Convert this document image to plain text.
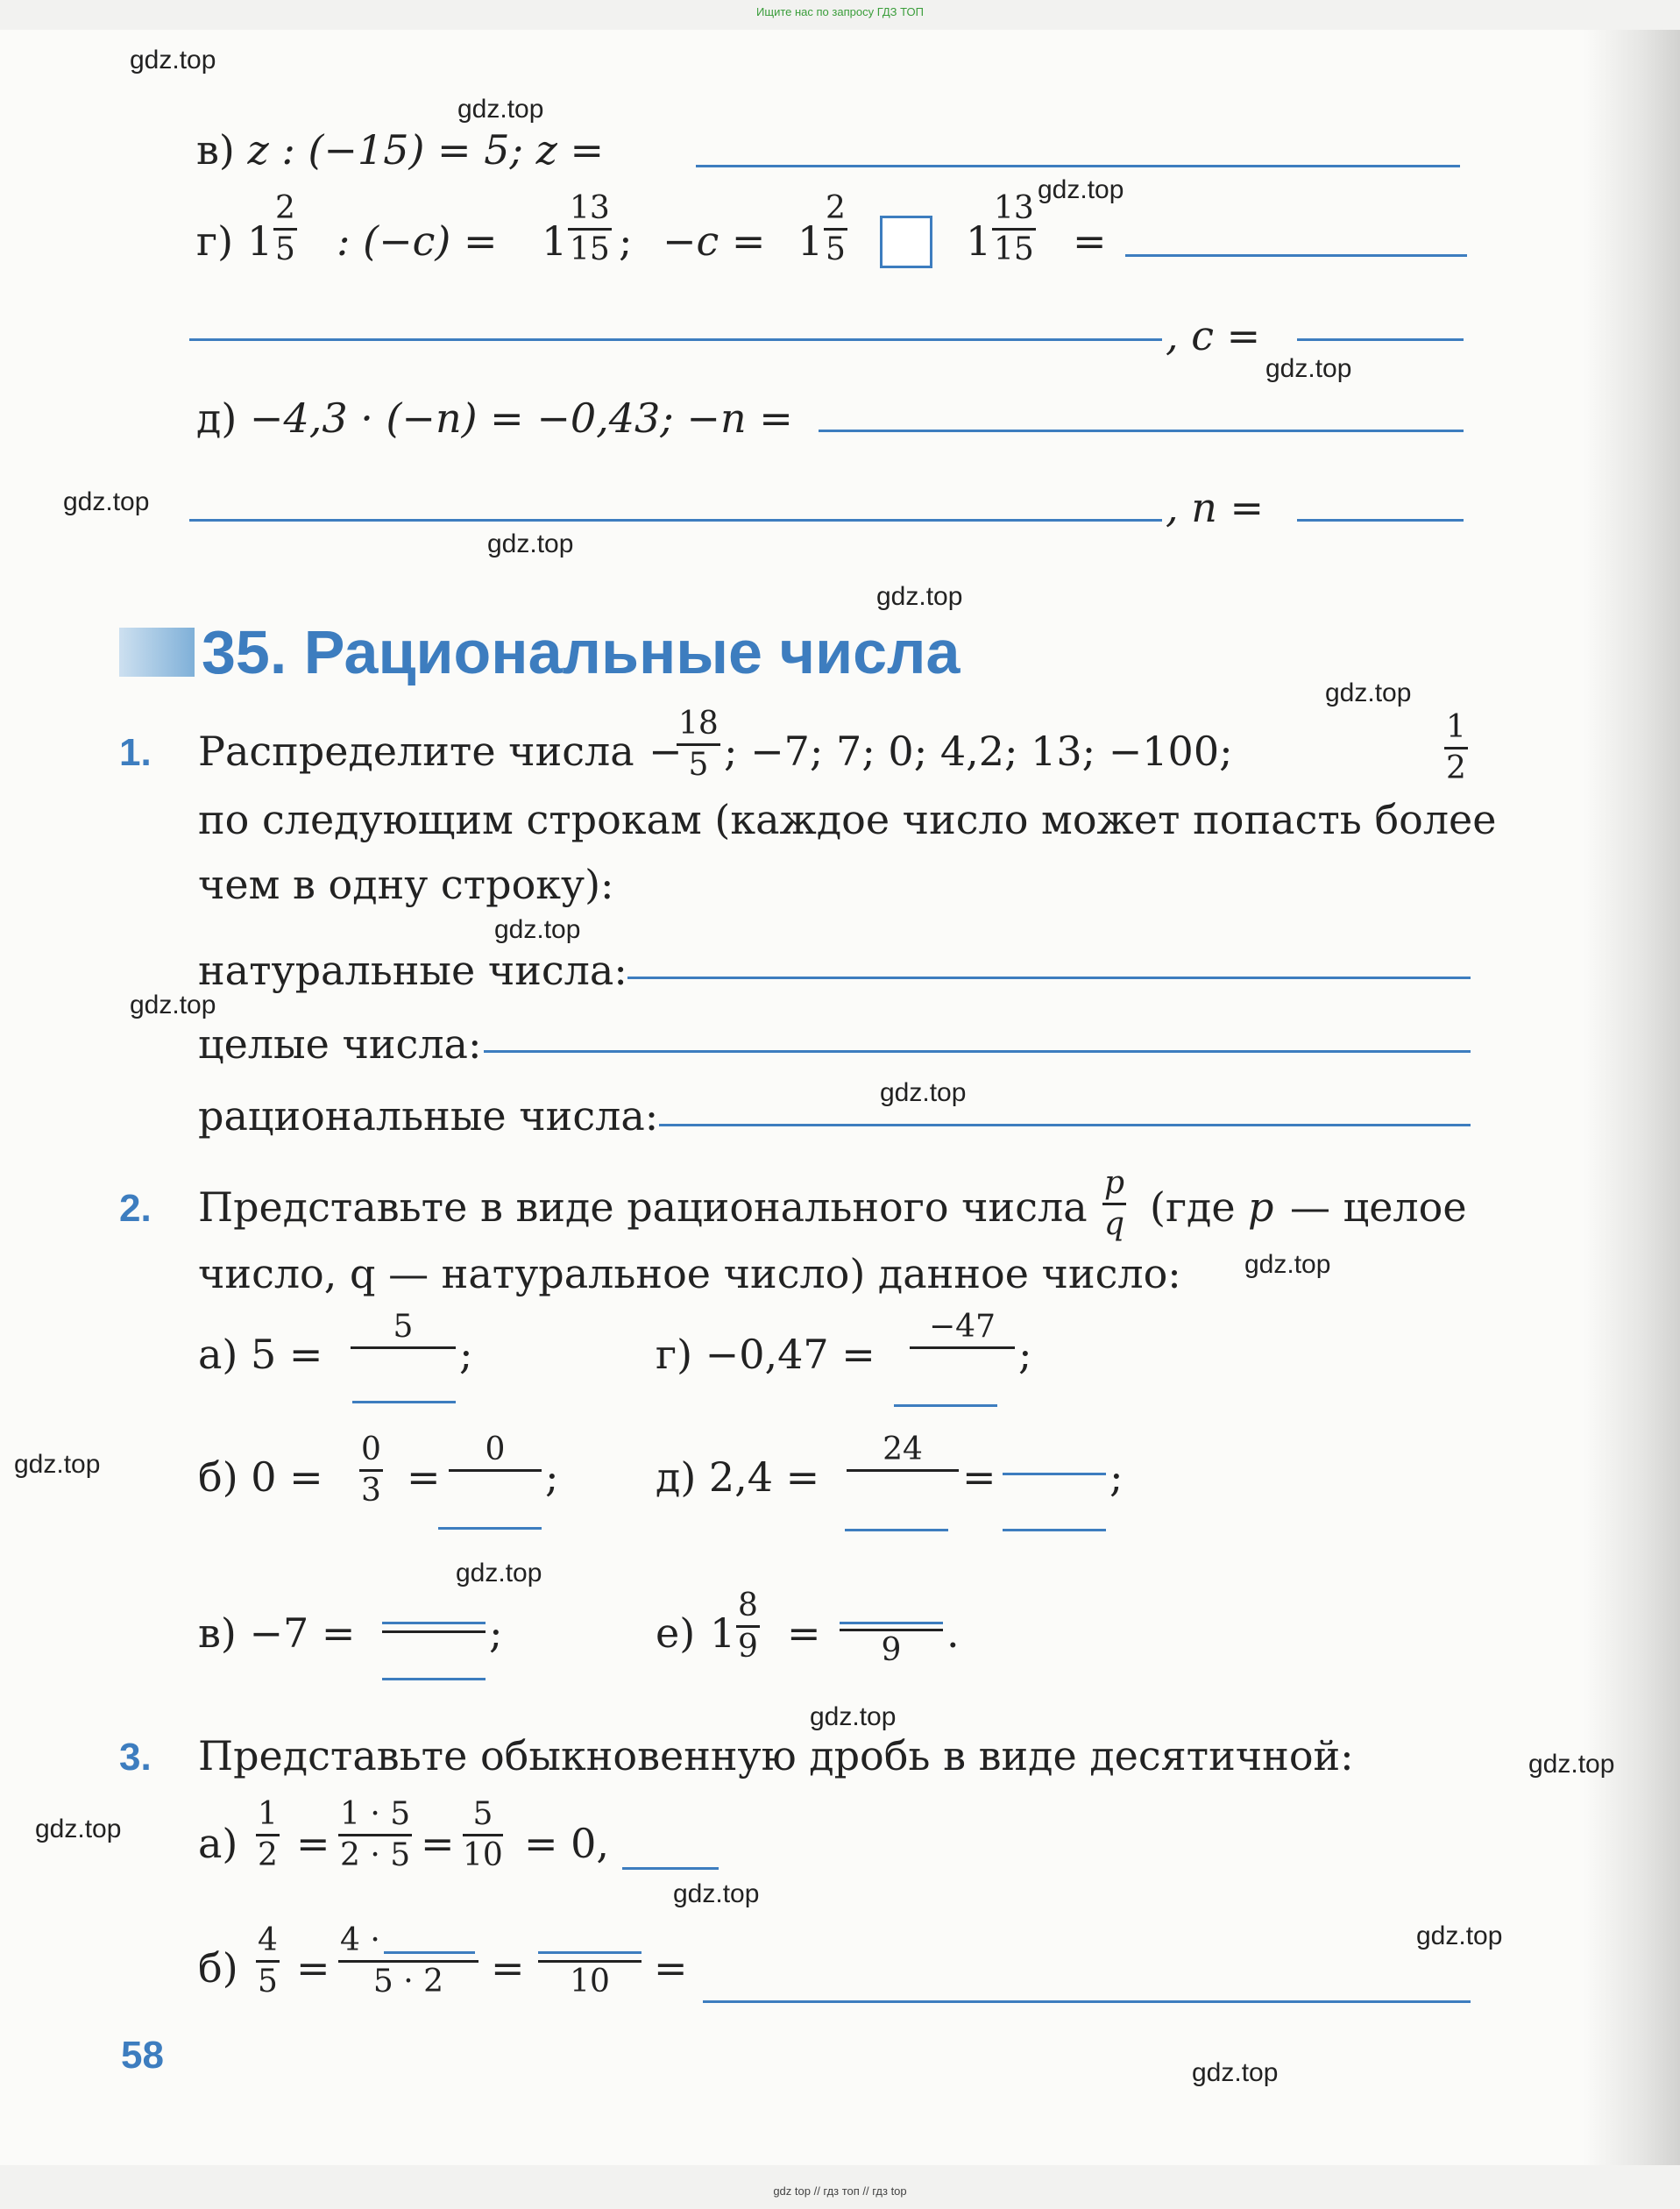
Ищите нас по запросу ГДЗ ТОП
gdz top // гдз топ // гдз top
в) z : (−15) = 5; z =
г) 1
2
5 : (−c) = 1
13
15 ; −c = 1
2
5	1
13
15 =
, c =
д) −4,3 · (−n) = −0,43; −n =
, n =
35. Рациональные числа
1. Распределите числа −
18
5 ; −7; 7; 0; 4,2; 13; −100;
1
2
по следующим строкам (каждое число может попасть более
чем в одну строку):
натуральные числа:
целые числа:
рациональные числа:
2. Представьте в виде рационального числа
p
q (где p — целое
число, q — натуральное число) данное число:
а) 5 =
5

;	г) −0,47 =
−47

;
б) 0 =
0
3 =
0

; д) 2,4 =
24

=	;
в) −7 =	;	е) 1
8
9 =	9	.
3. Представьте обыкновенную дробь в виде десятичной:
а)
1
2 =
1 · 5
2 · 5 =
5
10 = 0,
б)
4
5 =
4 ·
5 · 2	=
	10	=
58
gdz.top
gdz.top
gdz.top
gdz.top
gdz.top
gdz.top
gdz.top
gdz.top
gdz.top
gdz.top
gdz.top
gdz.top
gdz.top
gdz.top
gdz.top
gdz.top
gdz.top
gdz.top
gdz.top
gdz.top
